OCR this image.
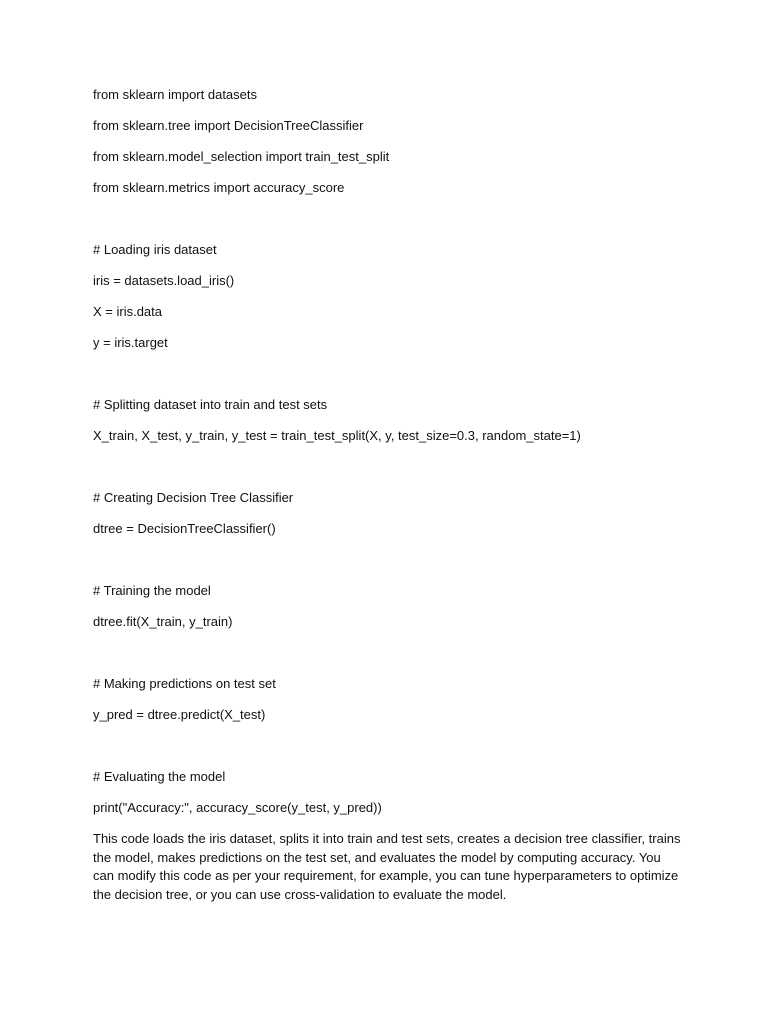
from sklearn import datasets

from sklearn.tree import DecisionTreeClassifier

from sklearn.model_selection import train_test_split

from sklearn.metrics import accuracy_score

# Loading iris dataset

iris = datasets.load_iris()

X = iris.data

y = iris.target

# Splitting dataset into train and test sets

X_train, X_test, y_train, y_test = train_test_split(X, y, test_size=0.3, random_state=1)

# Creating Decision Tree Classifier

dtree = DecisionTreeClassifier()

# Training the model

dtree.fit(X_train, y_train)

# Making predictions on test set

y_pred = dtree.predict(X_test)

# Evaluating the model

print("Accuracy:", accuracy_score(y_test, y_pred))

This code loads the iris dataset, splits it into train and test sets, creates a decision tree classifier, trains the model, makes predictions on the test set, and evaluates the model by computing accuracy. You can modify this code as per your requirement, for example, you can tune hyperparameters to optimize the decision tree, or you can use cross-validation to evaluate the model.
